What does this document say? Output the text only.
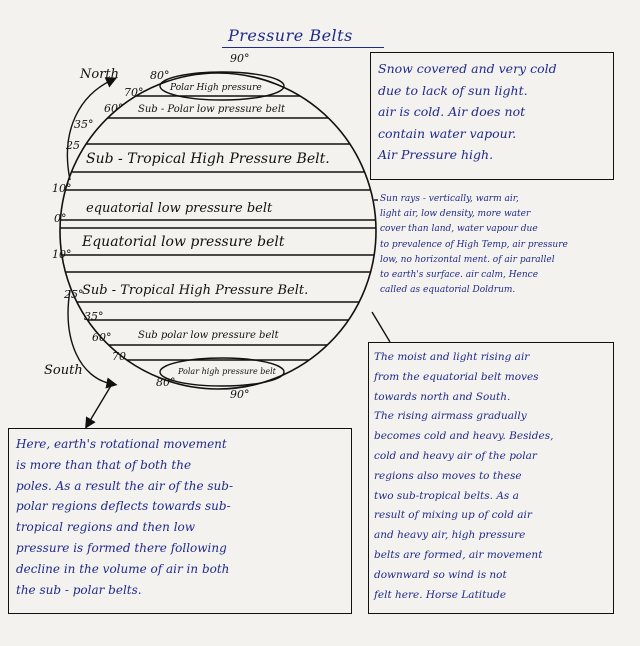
Pressure Belts
90°
80°
70°
60°
35°
25
10°
0°
10°
25°
35°
60°
70
80°
90°
North
South
Polar High pressure
Sub - Polar low pressure belt
Sub - Tropical High Pressure Belt.
equatorial low pressure belt
Equatorial low pressure belt
Sub - Tropical High Pressure Belt.
Sub polar low pressure belt
Polar high pressure belt
Snow covered and very cold
due to lack of sun light.
air is cold. Air does not
contain water vapour.
Air Pressure high.
Sun rays - vertically, warm air,
light air, low density, more water
cover than land, water vapour due
to prevalence of High Temp, air pressure
low, no horizontal ment. of air parallel
to earth's surface. air calm, Hence
called as equatorial Doldrum.
The moist and light rising air
from the equatorial belt moves
towards north and South.
The rising airmass gradually
becomes cold and heavy. Besides,
cold and heavy air of the polar
regions also moves to these
two sub-tropical belts. As a
result of mixing up of cold air
and heavy air, high pressure
belts are formed, air movement
downward so wind is not
felt here. Horse Latitude
Here, earth's rotational movement
is more than that of both the
poles. As a result the air of the sub-
polar regions deflects towards sub-
tropical regions and then low
pressure is formed there following
decline in the volume of air in both
the sub - polar belts.
